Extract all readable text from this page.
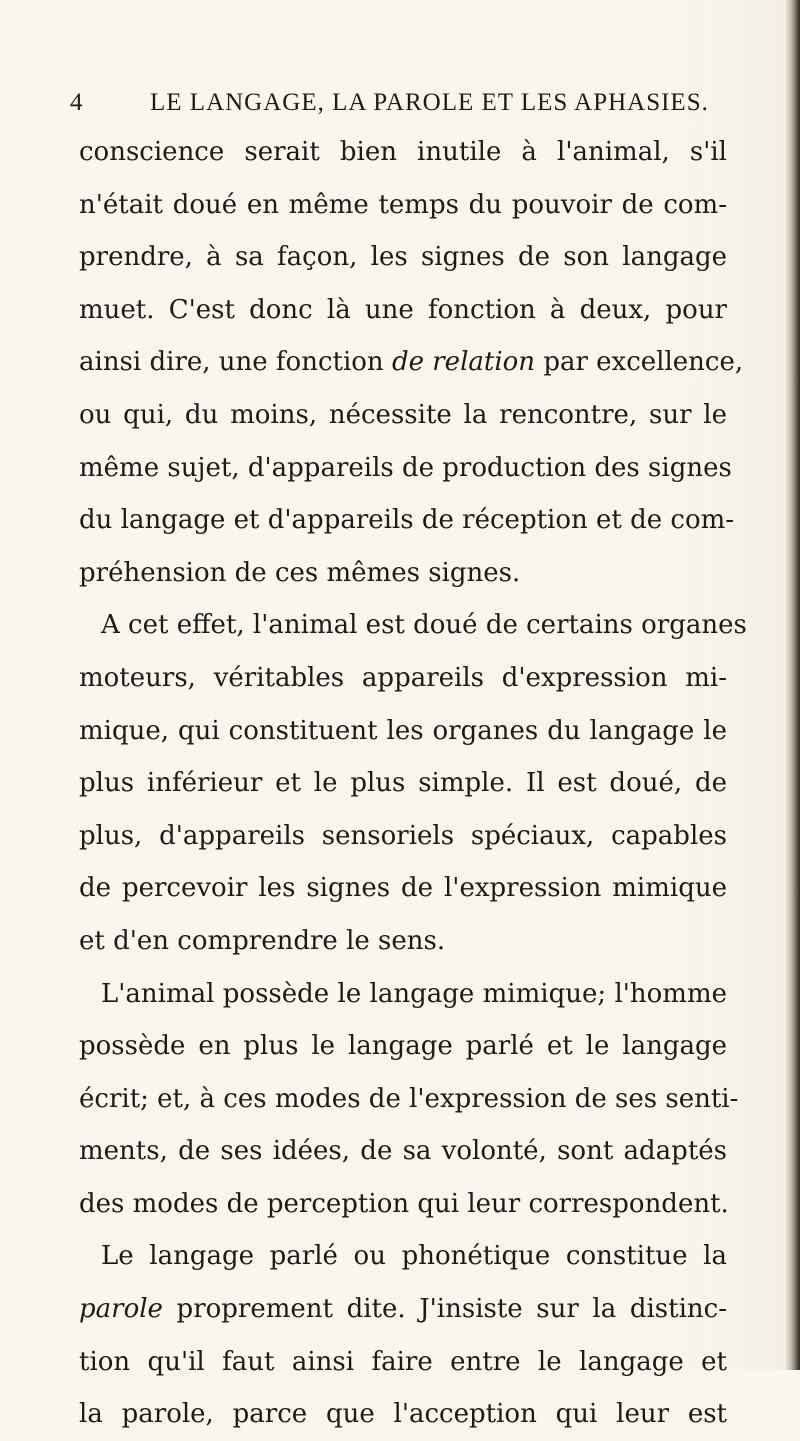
4	LE LANGAGE, LA PAROLE ET LES APHASIES.
conscience serait bien inutile à l'animal, s'il
n'était doué en même temps du pouvoir de com-
prendre, à sa façon, les signes de son langage
muet. C'est donc là une fonction à deux, pour
ainsi dire, une fonction de relation par excellence,
ou qui, du moins, nécessite la rencontre, sur le
même sujet, d'appareils de production des signes
du langage et d'appareils de réception et de com-
préhension de ces mêmes signes.
A cet effet, l'animal est doué de certains organes
moteurs, véritables appareils d'expression mi-
mique, qui constituent les organes du langage le
plus inférieur et le plus simple. Il est doué, de
plus, d'appareils sensoriels spéciaux, capables
de percevoir les signes de l'expression mimique
et d'en comprendre le sens.
L'animal possède le langage mimique; l'homme
possède en plus le langage parlé et le langage
écrit; et, à ces modes de l'expression de ses senti-
ments, de ses idées, de sa volonté, sont adaptés
des modes de perception qui leur correspondent.
Le langage parlé ou phonétique constitue la
parole proprement dite. J'insiste sur la distinc-
tion qu'il faut ainsi faire entre le langage et
la parole, parce que l'acception qui leur est
